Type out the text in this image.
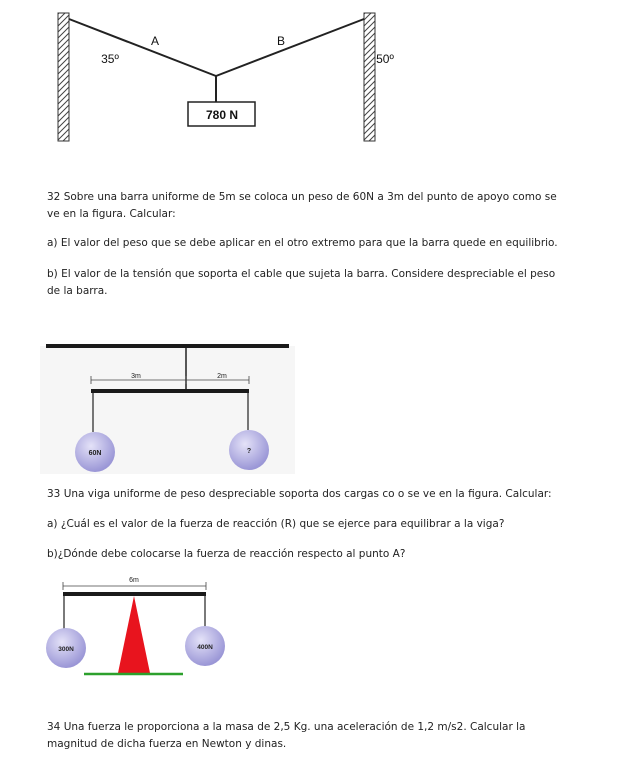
780 N
A	B
35º	50º
32 Sobre una barra uniforme de 5m se coloca un peso de 60N a 3m del punto de apoyo como se ve en la figura. Calcular:
a) El valor del peso que se debe aplicar en el otro extremo para que la barra quede en equilibrio.
b) El valor de la tensión que soporta el cable que sujeta la barra. Considere despreciable el peso de la barra.
3m	2m
60N	?
33 Una viga uniforme de peso despreciable soporta dos cargas co o se ve en la figura. Calcular:
a) ¿Cuál es el valor de la fuerza de reacción (R) que se ejerce para equilibrar a la viga?
b)¿Dónde debe colocarse la fuerza de reacción respecto al punto A?
6m
300N	400N
34 Una fuerza le proporciona a la masa de 2,5 Kg. una aceleración de 1,2 m/s2. Calcular la magnitud de dicha fuerza en Newton y dinas.
